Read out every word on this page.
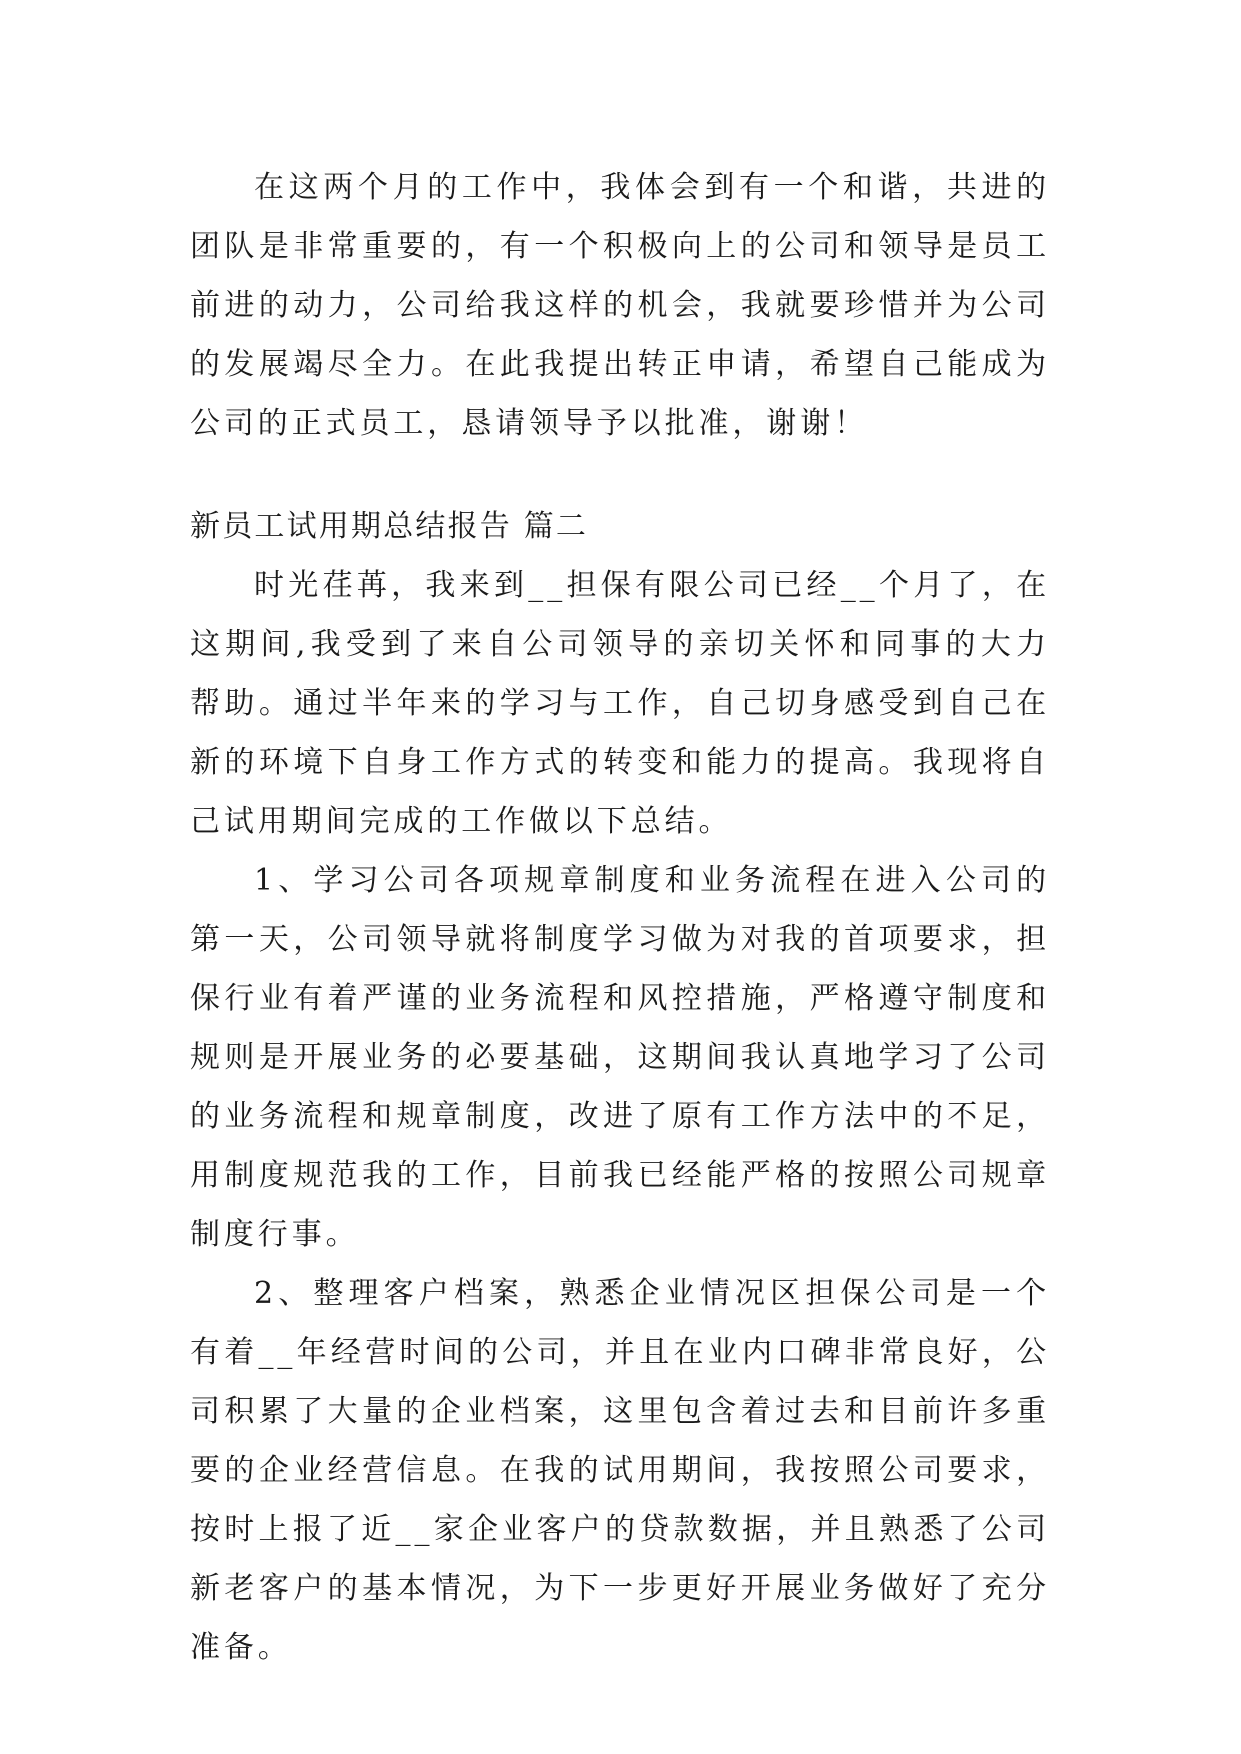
在这两个月的工作中，我体会到有一个和谐，共进的团队是非常重要的，有一个积极向上的公司和领导是员工前进的动力，公司给我这样的机会，我就要珍惜并为公司的发展竭尽全力。在此我提出转正申请，希望自己能成为公司的正式员工，恳请领导予以批准，谢谢！

新员工试用期总结报告 篇二

时光荏苒，我来到__担保有限公司已经__个月了，在这期间,我受到了来自公司领导的亲切关怀和同事的大力帮助。通过半年来的学习与工作，自己切身感受到自己在新的环境下自身工作方式的转变和能力的提高。我现将自己试用期间完成的工作做以下总结。

1、学习公司各项规章制度和业务流程在进入公司的第一天，公司领导就将制度学习做为对我的首项要求，担保行业有着严谨的业务流程和风控措施，严格遵守制度和规则是开展业务的必要基础，这期间我认真地学习了公司的业务流程和规章制度，改进了原有工作方法中的不足，用制度规范我的工作，目前我已经能严格的按照公司规章制度行事。

2、整理客户档案，熟悉企业情况区担保公司是一个有着__年经营时间的公司，并且在业内口碑非常良好，公司积累了大量的企业档案，这里包含着过去和目前许多重要的企业经营信息。在我的试用期间，我按照公司要求，按时上报了近__家企业客户的贷款数据，并且熟悉了公司新老客户的基本情况，为下一步更好开展业务做好了充分准备。
